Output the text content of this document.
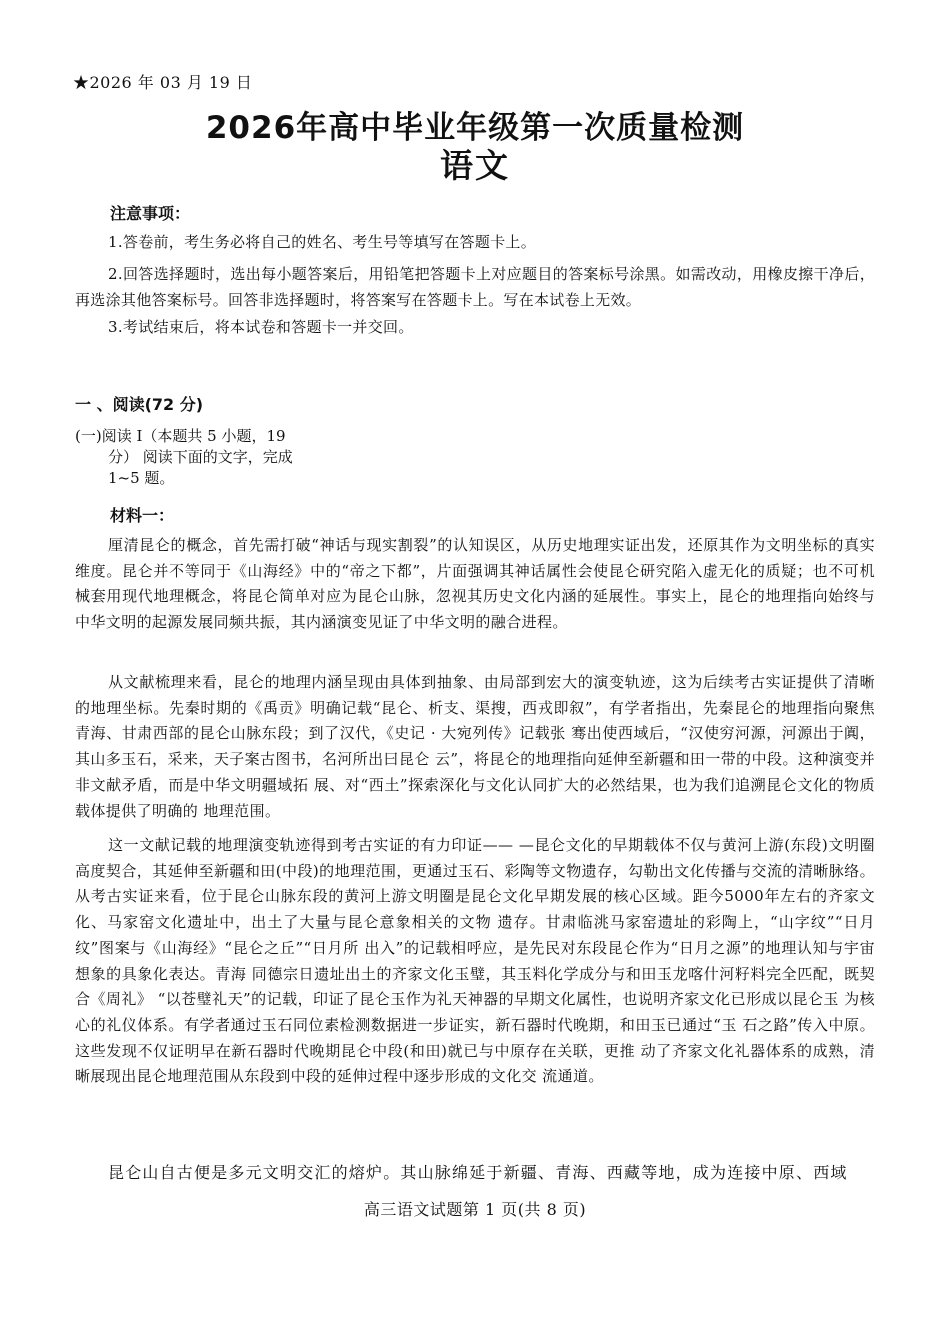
★2026 年 03 月 19 日
2026年高中毕业年级第一次质量检测
语文
注意事项：
1.答卷前，考生务必将自己的姓名、考生号等填写在答题卡上。
2.回答选择题时，选出每小题答案后，用铅笔把答题卡上对应题目的答案标号涂黑。如需改动，用橡皮擦干净后，再选涂其他答案标号。回答非选择题时，将答案写在答题卡上。写在本试卷上无效。
3.考试结束后，将本试卷和答题卡一并交回。
一 、阅读(72 分)
(一)阅读 Ⅰ（本题共 5 小题，19
分） 阅读下面的文字，完成
1~5 题。
材料一：
厘清昆仑的概念，首先需打破“神话与现实割裂”的认知误区，从历史地理实证出发，还原其作为文明坐标的真实维度。昆仑并不等同于《山海经》中的“帝之下都”，片面强调其神话属性会使昆仑研究陷入虚无化的质疑；也不可机械套用现代地理概念，将昆仑简单对应为昆仑山脉，忽视其历史文化内涵的延展性。事实上，昆仑的地理指向始终与中华文明的起源发展同频共振，其内涵演变见证了中华文明的融合进程。
从文献梳理来看，昆仑的地理内涵呈现由具体到抽象、由局部到宏大的演变轨迹，这为后续考古实证提供了清晰的地理坐标。先秦时期的《禹贡》明确记载“昆仑、析支、渠搜，西戎即叙”，有学者指出，先秦昆仑的地理指向聚焦青海、甘肃西部的昆仑山脉东段；到了汉代，《史记 · 大宛列传》记载张 骞出使西域后，“汉使穷河源，河源出于阗，其山多玉石，采来，天子案古图书，名河所出曰昆仑 云”，将昆仑的地理指向延伸至新疆和田一带的中段。这种演变并非文献矛盾，而是中华文明疆域拓 展、对“西土”探索深化与文化认同扩大的必然结果，也为我们追溯昆仑文化的物质载体提供了明确的 地理范围。
这一文献记载的地理演变轨迹得到考古实证的有力印证—— —昆仑文化的早期载体不仅与黄河上游(东段)文明圈高度契合，其延伸至新疆和田(中段)的地理范围，更通过玉石、彩陶等文物遗存，勾勒出文化传播与交流的清晰脉络。从考古实证来看，位于昆仑山脉东段的黄河上游文明圈是昆仑文化早期发展的核心区域。距今5000年左右的齐家文化、马家窑文化遗址中，出土了大量与昆仑意象相关的文物 遗存。甘肃临洮马家窑遗址的彩陶上，“山字纹”“日月纹”图案与《山海经》“昆仑之丘”“日月所 出入”的记载相呼应，是先民对东段昆仑作为“日月之源”的地理认知与宇宙想象的具象化表达。青海 同德宗日遗址出土的齐家文化玉璧，其玉料化学成分与和田玉龙喀什河籽料完全匹配，既契合《周礼》 “以苍璧礼天”的记载，印证了昆仑玉作为礼天神器的早期文化属性，也说明齐家文化已形成以昆仑玉 为核心的礼仪体系。有学者通过玉石同位素检测数据进一步证实，新石器时代晚期，和田玉已通过“玉 石之路”传入中原。这些发现不仅证明早在新石器时代晚期昆仑中段(和田)就已与中原存在关联，更推 动了齐家文化礼器体系的成熟，清晰展现出昆仑地理范围从东段到中段的延伸过程中逐步形成的文化交 流通道。
昆仑山自古便是多元文明交汇的熔炉。其山脉绵延于新疆、青海、西藏等地，成为连接中原、西域
高三语文试题第 1 页(共 8 页)
